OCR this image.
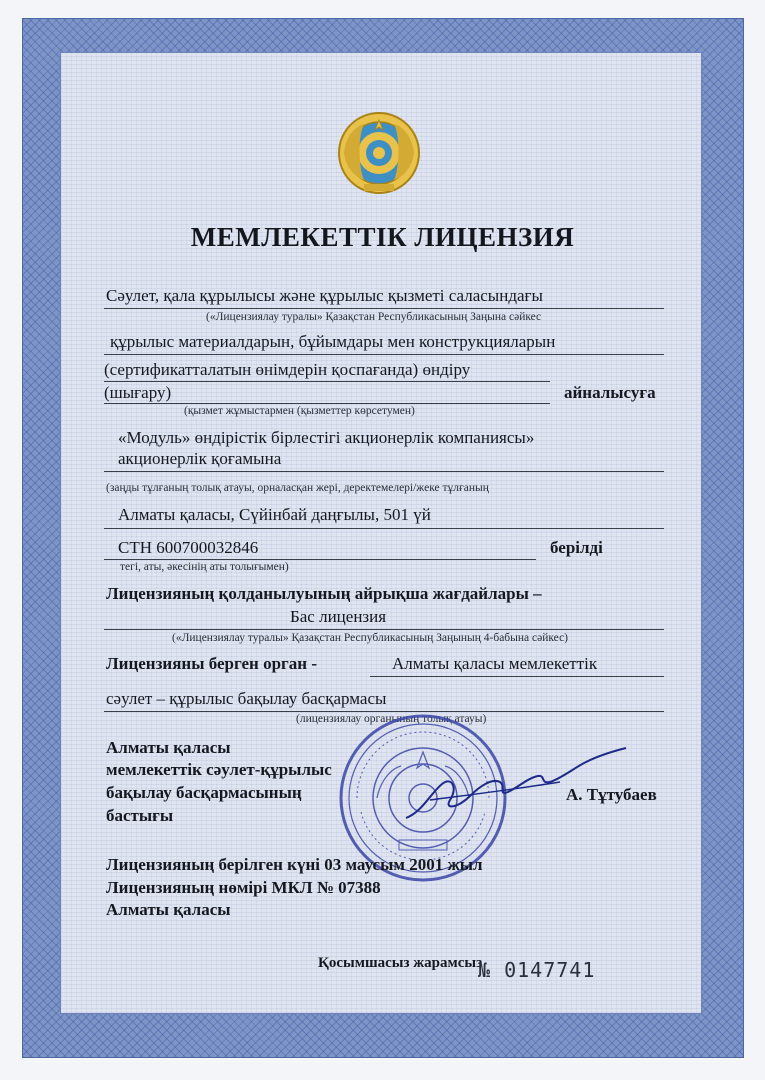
МЕМЛЕКЕТТІК ЛИЦЕНЗИЯ
Сәулет, қала құрылысы және құрылыс қызметі саласындағы
(«Лицензиялау туралы» Қазақстан Республикасының Заңына сәйкес
құрылыс материалдарын, бұйымдары мен конструкцияларын
(сертификатталатын өнімдерін қоспағанда) өндіру
(шығару)	айналысуға
(қызмет жұмыстармен (қызметтер көрсетумен)
«Модуль» өндірістік бірлестігі акционерлік компаниясы»
акционерлік қоғамына
(заңды тұлғаның толық атауы, орналасқан жері, деректемелері/жеке тұлғаның
Алматы қаласы, Сүйінбай даңғылы, 501 үй
СТН 600700032846	берілді
тегі, аты, әкесінің аты толығымен)
Лицензияның қолданылуының айрықша жағдайлары –
Бас лицензия
(«Лицензиялау туралы» Қазақстан Республикасының Заңының 4-бабына сәйкес)
Лицензияны берген орган -	Алматы қаласы мемлекеттік
сәулет – құрылыс бақылау басқармасы
(лицензиялау органының толық атауы)
Алматы қаласы
мемлекеттік сәулет-құрылыс
бақылау басқармасының
бастығы
А. Тұтубаев
Лицензияның берілген күні 03 маусым 2001 жыл
Лицензияның нөмірі МКЛ № 07388
Алматы қаласы
Қосымшасыз жарамсыз
№ 0147741
